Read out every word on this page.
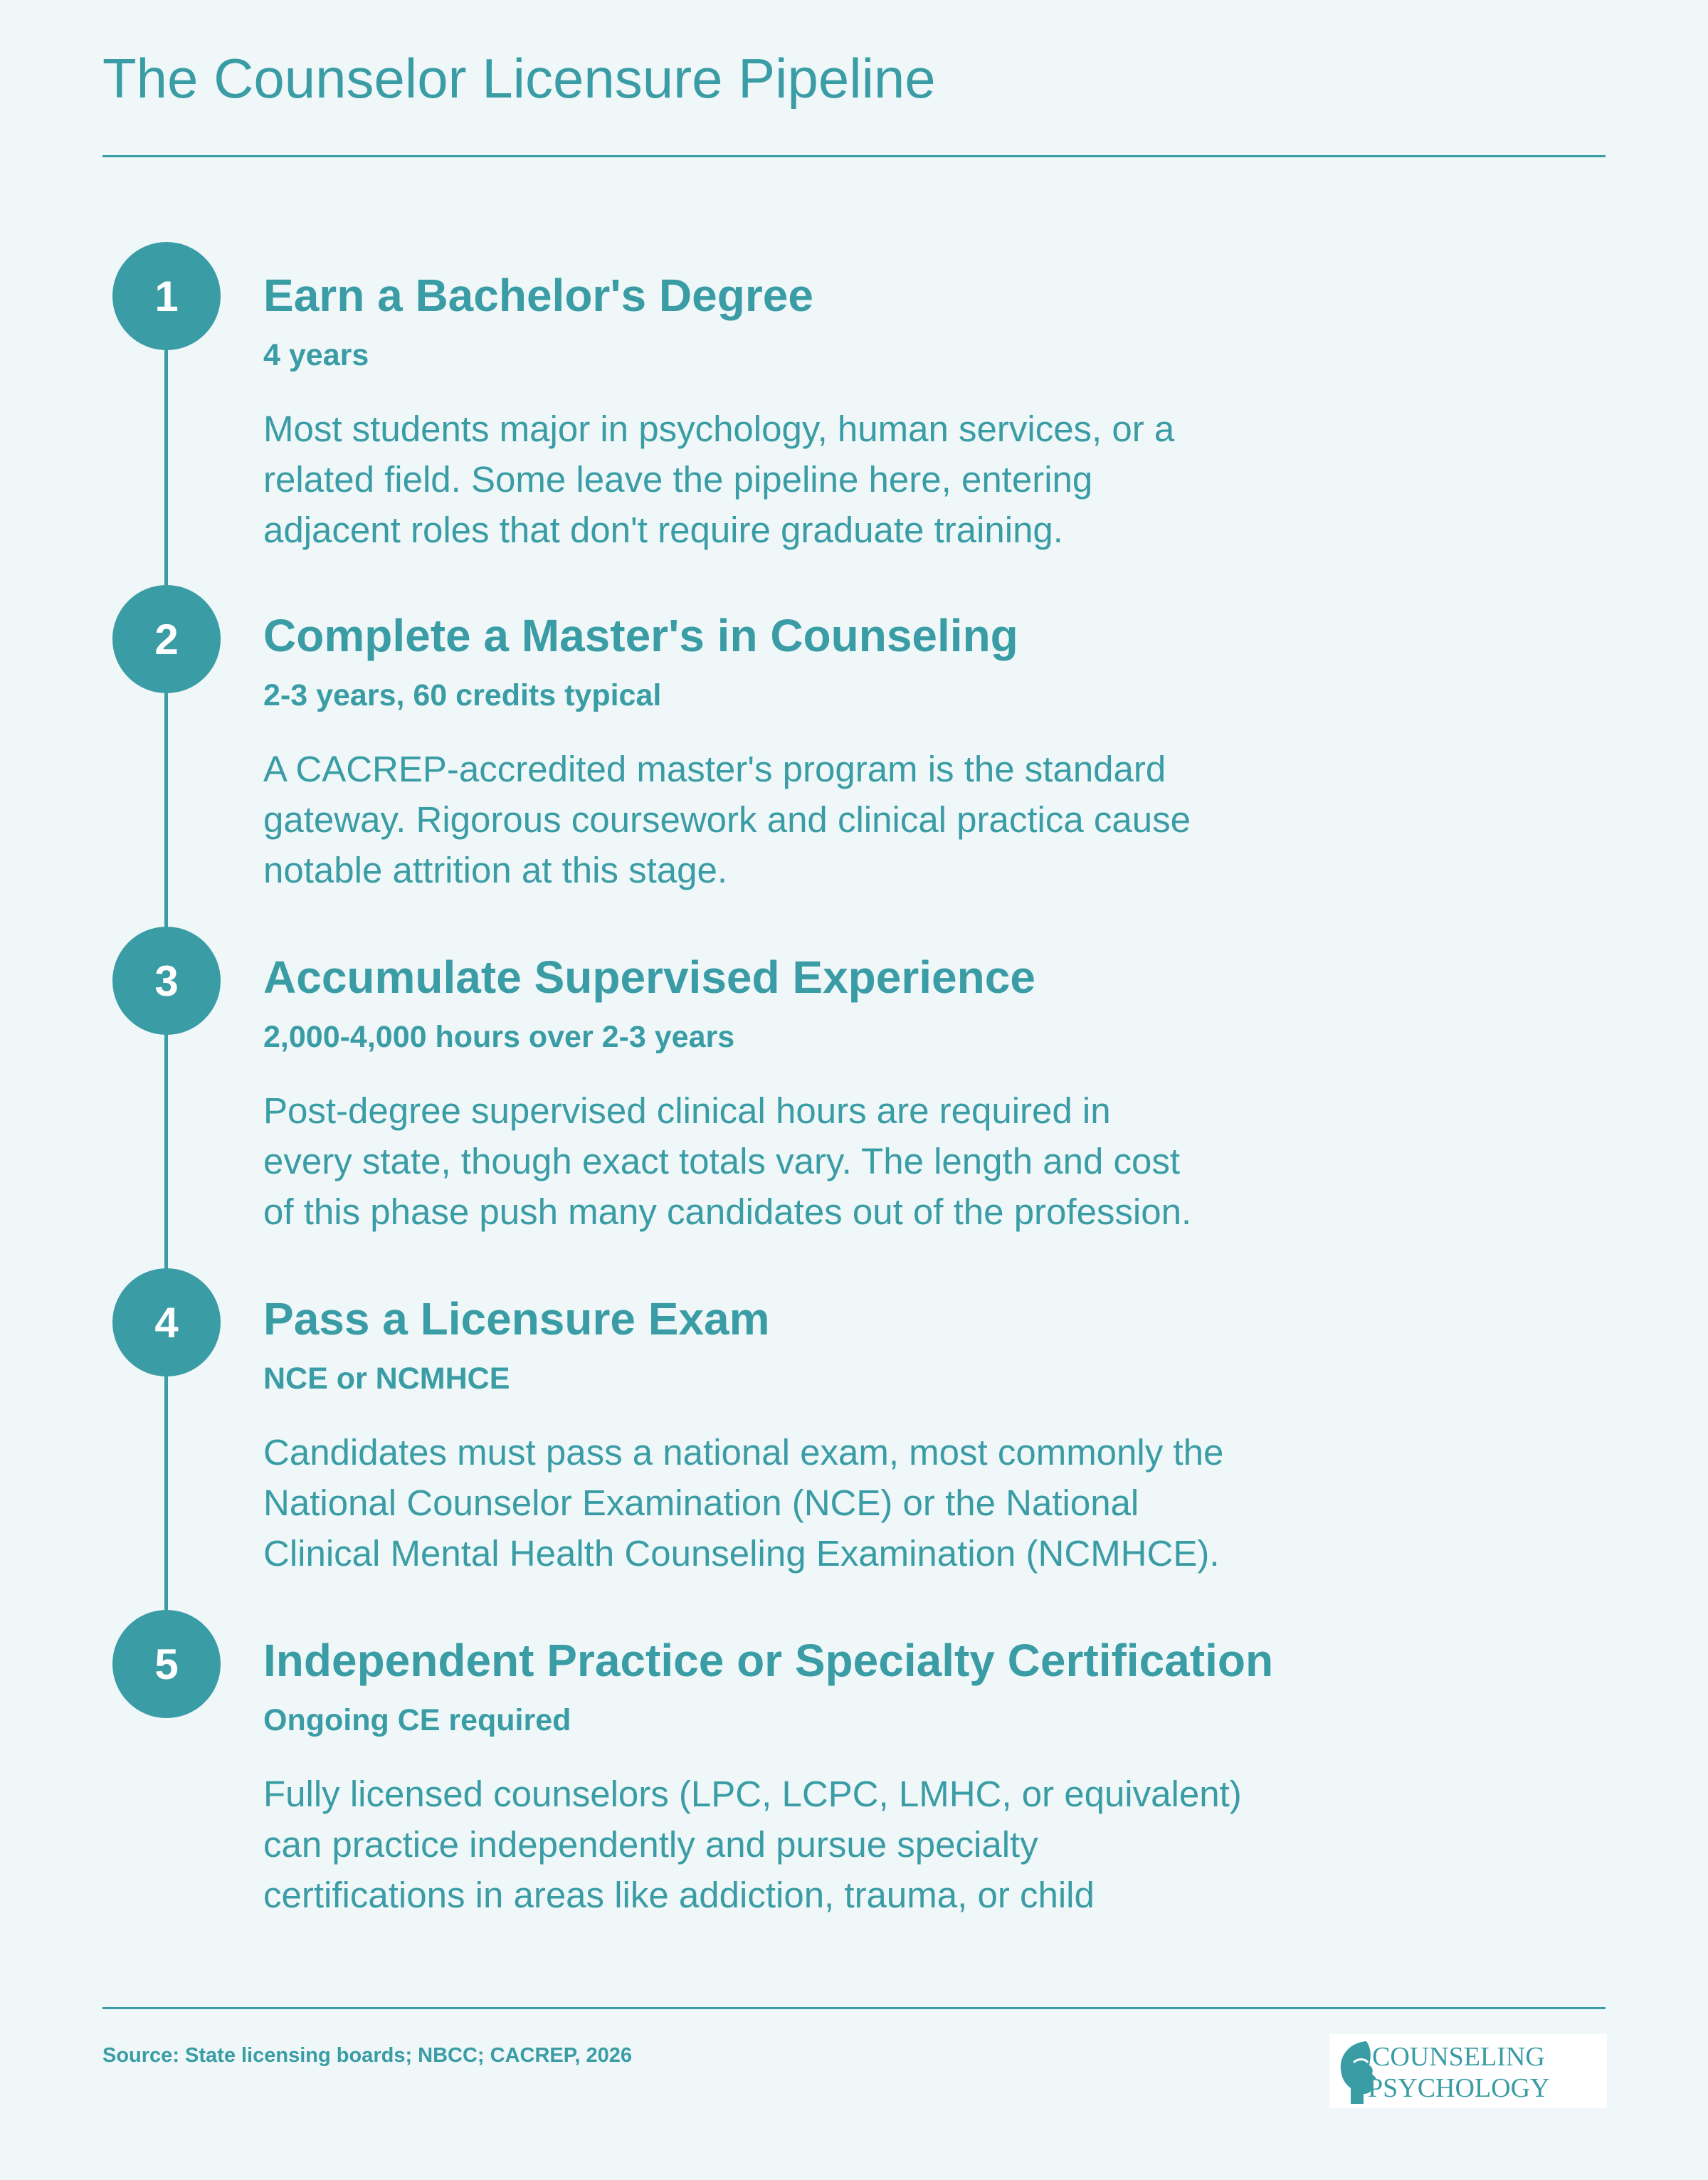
The Counselor Licensure Pipeline
1	Earn a Bachelor's Degree
4 years
Most students major in psychology, human services, or a
related field. Some leave the pipeline here, entering
adjacent roles that don't require graduate training.
2	Complete a Master's in Counseling
2-3 years, 60 credits typical
A CACREP-accredited master's program is the standard
gateway. Rigorous coursework and clinical practica cause
notable attrition at this stage.
3	Accumulate Supervised Experience
2,000-4,000 hours over 2-3 years
Post-degree supervised clinical hours are required in
every state, though exact totals vary. The length and cost
of this phase push many candidates out of the profession.
4	Pass a Licensure Exam
NCE or NCMHCE
Candidates must pass a national exam, most commonly the
National Counselor Examination (NCE) or the National
Clinical Mental Health Counseling Examination (NCMHCE).
5	Independent Practice or Specialty Certification
Ongoing CE required
Fully licensed counselors (LPC, LCPC, LMHC, or equivalent)
can practice independently and pursue specialty
certifications in areas like addiction, trauma, or child
Source: State licensing boards; NBCC; CACREP, 2026	COUNSELING
PSYCHOLOGY
